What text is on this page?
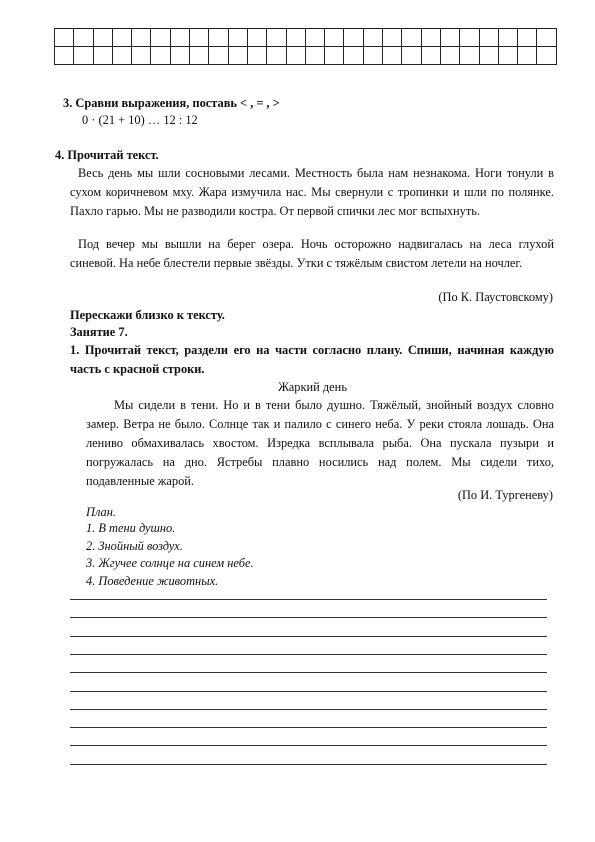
3. Сравни выражения, поставь < , = , >
0 · (21 + 10) … 12 : 12
4. Прочитай текст.
Весь день мы шли сосновыми лесами. Местность была нам незнакома. Ноги тонули в сухом коричневом мху. Жара измучила нас. Мы свернули с тропинки и шли по полянке. Пахло гарью. Мы не разводили костра. От первой спички лес мог вспыхнуть.
Под вечер мы вышли на берег озера. Ночь осторожно надвигалась на леса глухой синевой. На небе блестели первые звёзды. Утки с тяжёлым свистом летели на ночлег.
(По К. Паустовскому)
Перескажи близко к тексту.
Занятие 7.
1. Прочитай текст, раздели его на части согласно плану. Спиши, начиная каждую часть с красной строки.
Жаркий день
Мы сидели в тени. Но и в тени было душно. Тяжёлый, знойный воздух словно замер. Ветра не было. Солнце так и палило с синего неба. У реки стояла лошадь. Она лениво обмахивалась хвостом. Изредка всплывала рыба. Она пускала пузыри и погружалась на дно. Ястребы плавно носились над полем. Мы сидели тихо, подавленные жарой.
(По И. Тургеневу)
План.
1. В тени душно.
2. Знойный воздух.
3. Жгучее солнце на синем небе.
4. Поведение животных.
